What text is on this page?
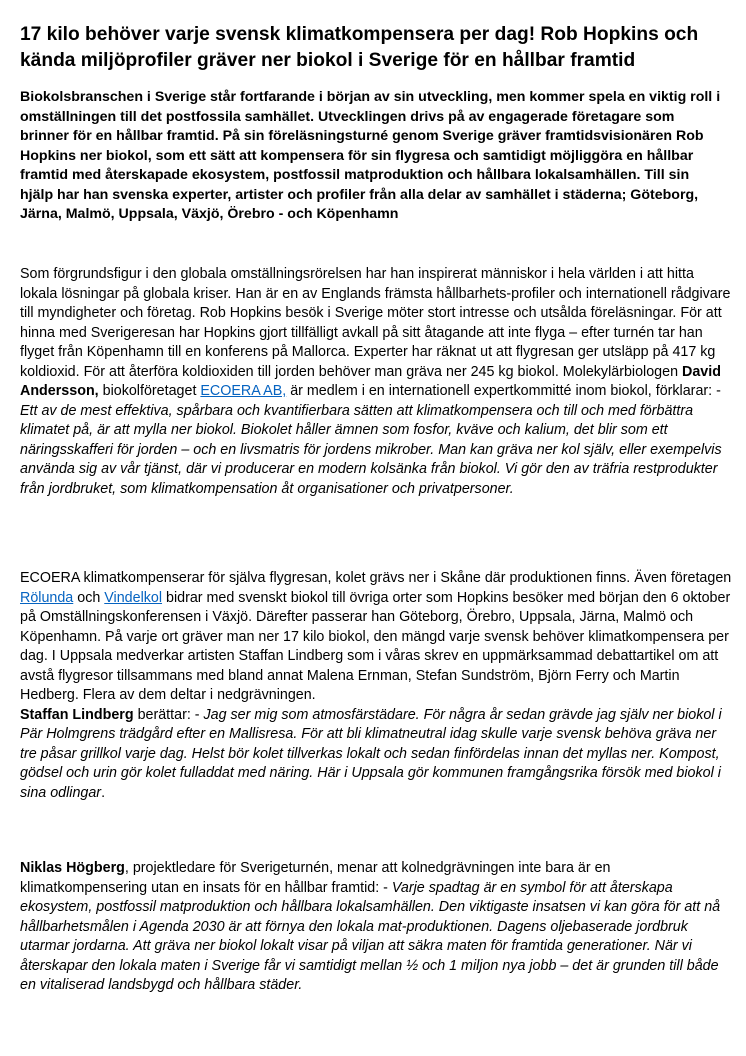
17 kilo behöver varje svensk klimatkompensera per dag! Rob Hopkins och kända miljöprofiler gräver ner biokol i Sverige för en hållbar framtid

Biokolsbranschen i Sverige står fortfarande i början av sin utveckling, men kommer spela en viktig roll i omställningen till det postfossila samhället. Utvecklingen drivs på av engagerade företagare som brinner för en hållbar framtid. På sin föreläsningsturné genom Sverige gräver framtidsvisionären Rob Hopkins ner biokol, som ett sätt att kompensera för sin flygresa och samtidigt möjliggöra en hållbar framtid med återskapade ekosystem, postfossil matproduktion och hållbara lokalsamhällen. Till sin hjälp har han svenska experter, artister och profiler från alla delar av samhället i städerna; Göteborg, Järna, Malmö, Uppsala, Växjö, Örebro - och Köpenhamn

Som förgrundsfigur i den globala omställningsrörelsen har han inspirerat människor i hela världen i att hitta lokala lösningar på globala kriser. Han är en av Englands främsta hållbarhets-profiler och internationell rådgivare till myndigheter och företag. Rob Hopkins besök i Sverige möter stort intresse och utsålda föreläsningar. För att hinna med Sverigeresan har Hopkins gjort tillfälligt avkall på sitt åtagande att inte flyga – efter turnén tar han flyget från Köpenhamn till en konferens på Mallorca. Experter har räknat ut att flygresan ger utsläpp på 417 kg koldioxid. För att återföra koldioxiden till jorden behöver man gräva ner 245 kg biokol. Molekylärbiologen David Andersson, biokolföretaget ECOERA AB, är medlem i en internationell expertkommitté inom biokol, förklarar: - Ett av de mest effektiva, spårbara och kvantifierbara sätten att klimatkompensera och till och med förbättra klimatet på, är att mylla ner biokol. Biokolet håller ämnen som fosfor, kväve och kalium, det blir som ett näringsskafferi för jorden – och en livsmatris för jordens mikrober. Man kan gräva ner kol själv, eller exempelvis använda sig av vår tjänst, där vi producerar en modern kolsänka från biokol. Vi gör den av träfria restprodukter från jordbruket, som klimatkompensation åt organisationer och privatpersoner.

ECOERA klimatkompenserar för själva flygresan, kolet grävs ner i Skåne där produktionen finns. Även företagen Rölunda och Vindelkol bidrar med svenskt biokol till övriga orter som Hopkins besöker med början den 6 oktober på Omställningskonferensen i Växjö. Därefter passerar han Göteborg, Örebro, Uppsala, Järna, Malmö och Köpenhamn. På varje ort gräver man ner 17 kilo biokol, den mängd varje svensk behöver klimatkompensera per dag. I Uppsala medverkar artisten Staffan Lindberg som i våras skrev en uppmärksammad debattartikel om att avstå flygresor tillsammans med bland annat Malena Ernman, Stefan Sundström, Björn Ferry och Martin Hedberg. Flera av dem deltar i nedgrävningen.
Staffan Lindberg berättar: - Jag ser mig som atmosfärstädare. För några år sedan grävde jag själv ner biokol i Pär Holmgrens trädgård efter en Mallisresa. För att bli klimatneutral idag skulle varje svensk behöva gräva ner tre påsar grillkol varje dag. Helst bör kolet tillverkas lokalt och sedan finfördelas innan det myllas ner. Kompost, gödsel och urin gör kolet fulladdat med näring. Här i Uppsala gör kommunen framgångsrika försök med biokol i sina odlingar.

Niklas Högberg, projektledare för Sverigeturnén, menar att kolnedgrävningen inte bara är en klimatkompensering utan en insats för en hållbar framtid: - Varje spadtag är en symbol för att återskapa ekosystem, postfossil matproduktion och hållbara lokalsamhällen. Den viktigaste insatsen vi kan göra för att nå hållbarhetsmålen i Agenda 2030 är att förnya den lokala mat-produktionen. Dagens oljebaserade jordbruk utarmar jordarna. Att gräva ner biokol lokalt visar på viljan att säkra maten för framtida generationer. När vi återskapar den lokala maten i Sverige får vi samtidigt mellan ½ och 1 miljon nya jobb – det är grunden till både en vitaliserad landsbygd och hållbara städer.
